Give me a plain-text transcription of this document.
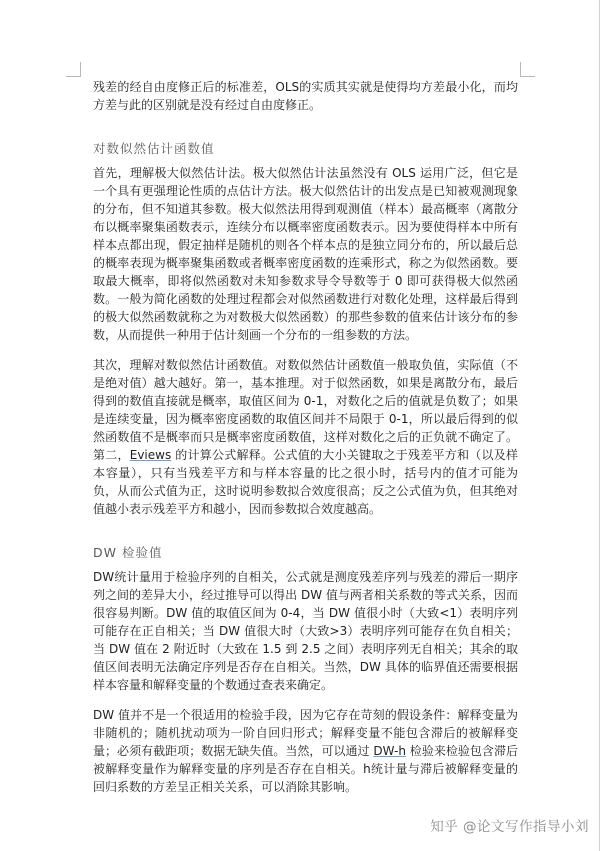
残差的经自由度修正后的标准差，OLS的实质其实就是使得均方差最小化，而均方差与此的区别就是没有经过自由度修正。

对数似然估计函数值

首先，理解极大似然估计法。极大似然估计法虽然没有 OLS 运用广泛，但它是一个具有更强理论性质的点估计方法。极大似然估计的出发点是已知被观测现象的分布，但不知道其参数。极大似然法用得到观测值（样本）最高概率（离散分布以概率聚集函数表示，连续分布以概率密度函数表示。因为要使得样本中所有样本点都出现，假定抽样是随机的则各个样本点的是独立同分布的，所以最后总的概率表现为概率聚集函数或者概率密度函数的连乘形式，称之为似然函数。要取最大概率，即将似然函数对未知参数求导令导数等于 0 即可获得极大似然函数。一般为简化函数的处理过程都会对似然函数进行对数化处理，这样最后得到的极大似然函数就称之为对数极大似然函数）的那些参数的值来估计该分布的参数，从而提供一种用于估计刻画一个分布的一组参数的方法。

其次，理解对数似然估计函数值。对数似然估计函数值一般取负值，实际值（不是绝对值）越大越好。第一，基本推理。对于似然函数，如果是离散分布，最后得到的数值直接就是概率，取值区间为 0-1，对数化之后的值就是负数了；如果是连续变量，因为概率密度函数的取值区间并不局限于 0-1，所以最后得到的似然函数值不是概率而只是概率密度函数值，这样对数化之后的正负就不确定了。第二，Eviews 的计算公式解释。公式值的大小关键取之于残差平方和（以及样本容量），只有当残差平方和与样本容量的比之很小时，括号内的值才可能为负，从而公式值为正，这时说明参数拟合效度很高；反之公式值为负，但其绝对值越小表示残差平方和越小，因而参数拟合效度越高。

DW 检验值

DW统计量用于检验序列的自相关，公式就是测度残差序列与残差的滞后一期序列之间的差异大小，经过推导可以得出 DW 值与两者相关系数的等式关系，因而很容易判断。DW 值的取值区间为 0-4，当 DW 值很小时（大致<1）表明序列可能存在正自相关；当 DW 值很大时（大致>3）表明序列可能存在负自相关；当 DW 值在 2 附近时（大致在 1.5 到 2.5 之间）表明序列无自相关；其余的取值区间表明无法确定序列是否存在自相关。当然，DW 具体的临界值还需要根据样本容量和解释变量的个数通过查表来确定。

DW 值并不是一个很适用的检验手段，因为它存在苛刻的假设条件：解释变量为非随机的；随机扰动项为一阶自回归形式；解释变量不能包含滞后的被解释变量；必须有截距项；数据无缺失值。当然，可以通过 DW-h 检验来检验包含滞后被解释变量作为解释变量的序列是否存在自相关。h统计量与滞后被解释变量的回归系数的方差呈正相关关系，可以消除其影响。

知乎 @论文写作指导小刘
